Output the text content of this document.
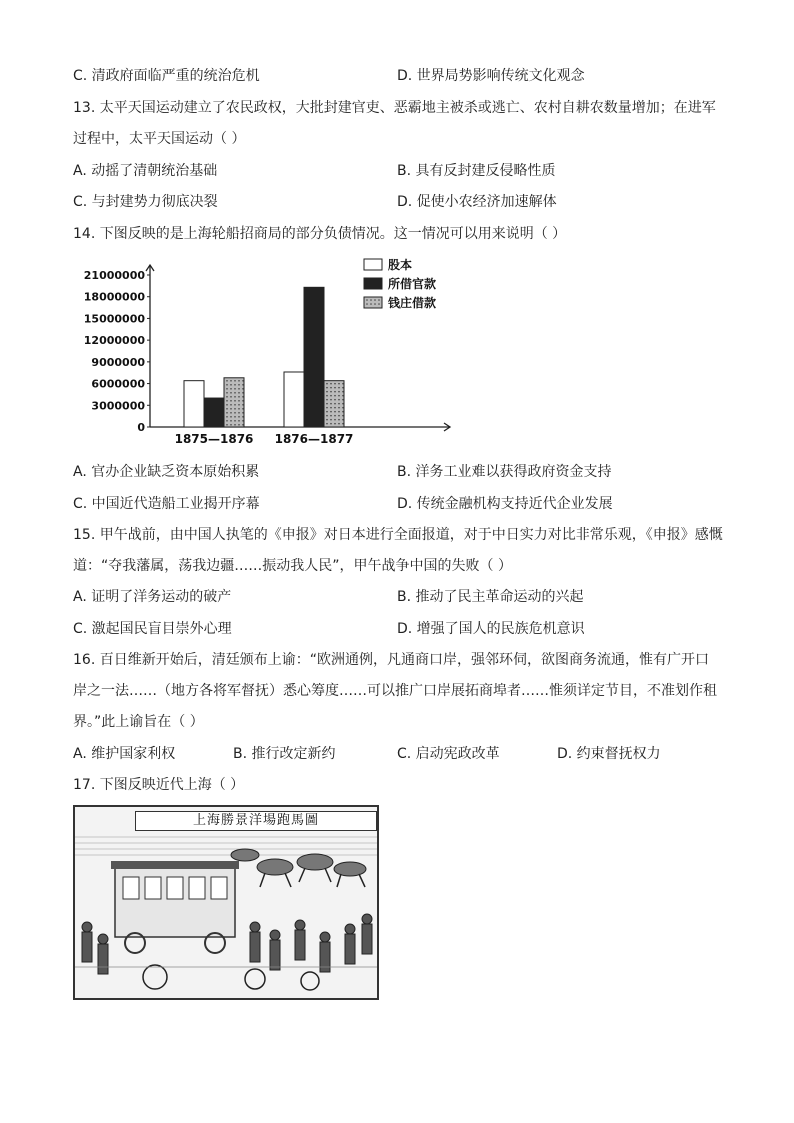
C. 清政府面临严重的统治危机	D. 世界局势影响传统文化观念
13. 太平天国运动建立了农民政权，大批封建官吏、恶霸地主被杀或逃亡、农村自耕农数量增加；在进军
过程中，太平天国运动（ ）
A. 动摇了清朝统治基础	B. 具有反封建反侵略性质
C. 与封建势力彻底决裂	D. 促使小农经济加速解体
14. 下图反映的是上海轮船招商局的部分负债情况。这一情况可以用来说明（ ）
0
3000000
6000000
9000000
12000000
15000000
18000000
21000000
1875—1876 1876—1877
股本
所借官款
钱庄借款
A. 官办企业缺乏资本原始积累	B. 洋务工业难以获得政府资金支持
C. 中国近代造船工业揭开序幕	D. 传统金融机构支持近代企业发展
15. 甲午战前，由中国人执笔的《申报》对日本进行全面报道，对于中日实力对比非常乐观，《申报》感慨
道：“夺我藩属，荡我边疆……振动我人民”，甲午战争中国的失败（ ）
A. 证明了洋务运动的破产	B. 推动了民主革命运动的兴起
C. 激起国民盲目崇外心理	D. 增强了国人的民族危机意识
16. 百日维新开始后，清廷颁布上谕：“欧洲通例，凡通商口岸，强邻环伺，欲图商务流通，惟有广开口
岸之一法……（地方各将军督抚）悉心筹度……可以推广口岸展拓商埠者……惟须详定节目，不准划作租
界。”此上谕旨在（ ）
A. 维护国家利权	B. 推行改定新约	C. 启动宪政改革	D. 约束督抚权力
17. 下图反映近代上海（ ）
上海勝景洋場跑馬圖
